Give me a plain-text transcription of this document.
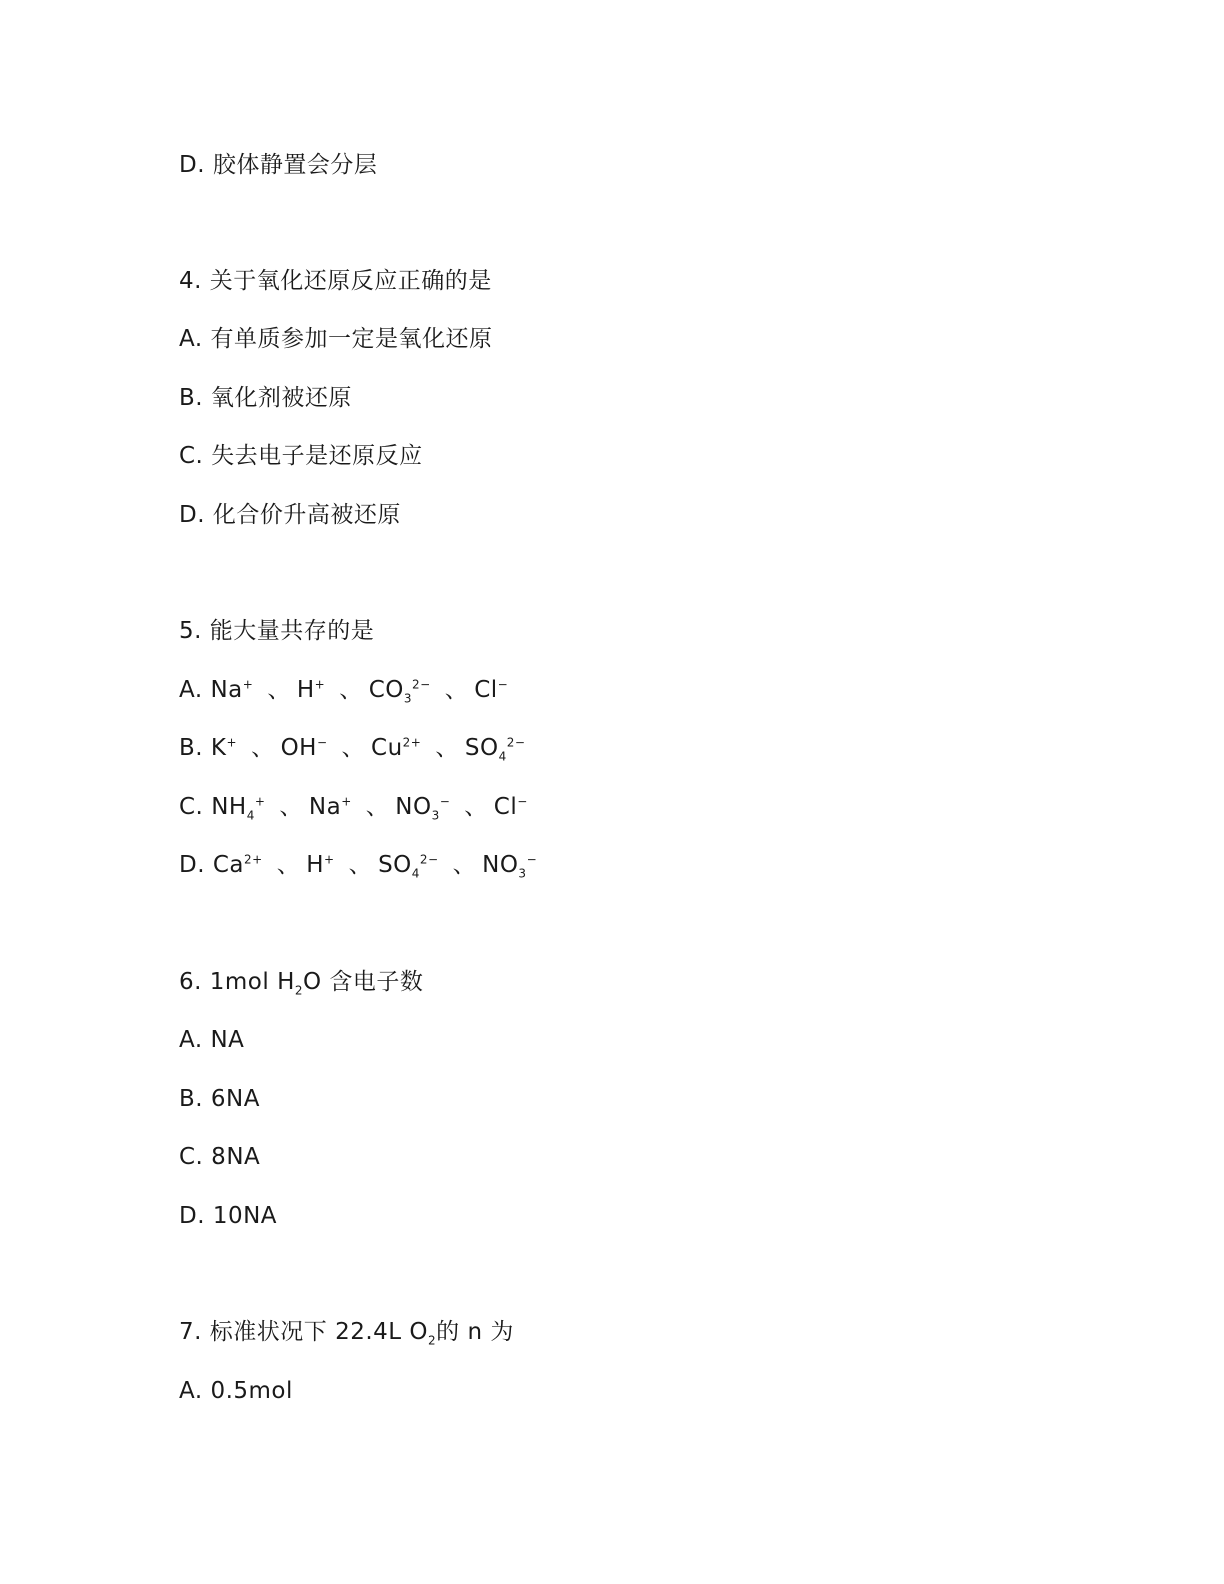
D. 胶体静置会分层
4. 关于氧化还原反应正确的是
A. 有单质参加一定是氧化还原
B. 氧化剂被还原
C. 失去电子是还原反应
D. 化合价升高被还原
5. 能大量共存的是
A. Na+ 、 H+ 、 $CO_3^{2-}$ 、 Cl−
B. K+ 、 OH− 、 $Cu^{2+}$ 、 $SO_4^{2-}$
C. $NH_4^+$ 、 Na+ 、 $NO_3^-$ 、 Cl−
D. $Ca^{2+}$ 、 H+ 、 $SO_4^{2-}$ 、 $NO_3^-$
6. 1mol $H_2O$ 含电子数
A. NA
B. 6NA
C. 8NA
D. 10NA
7. 标准状况下 22.4L $O_2$的 n 为
A. 0.5mol
